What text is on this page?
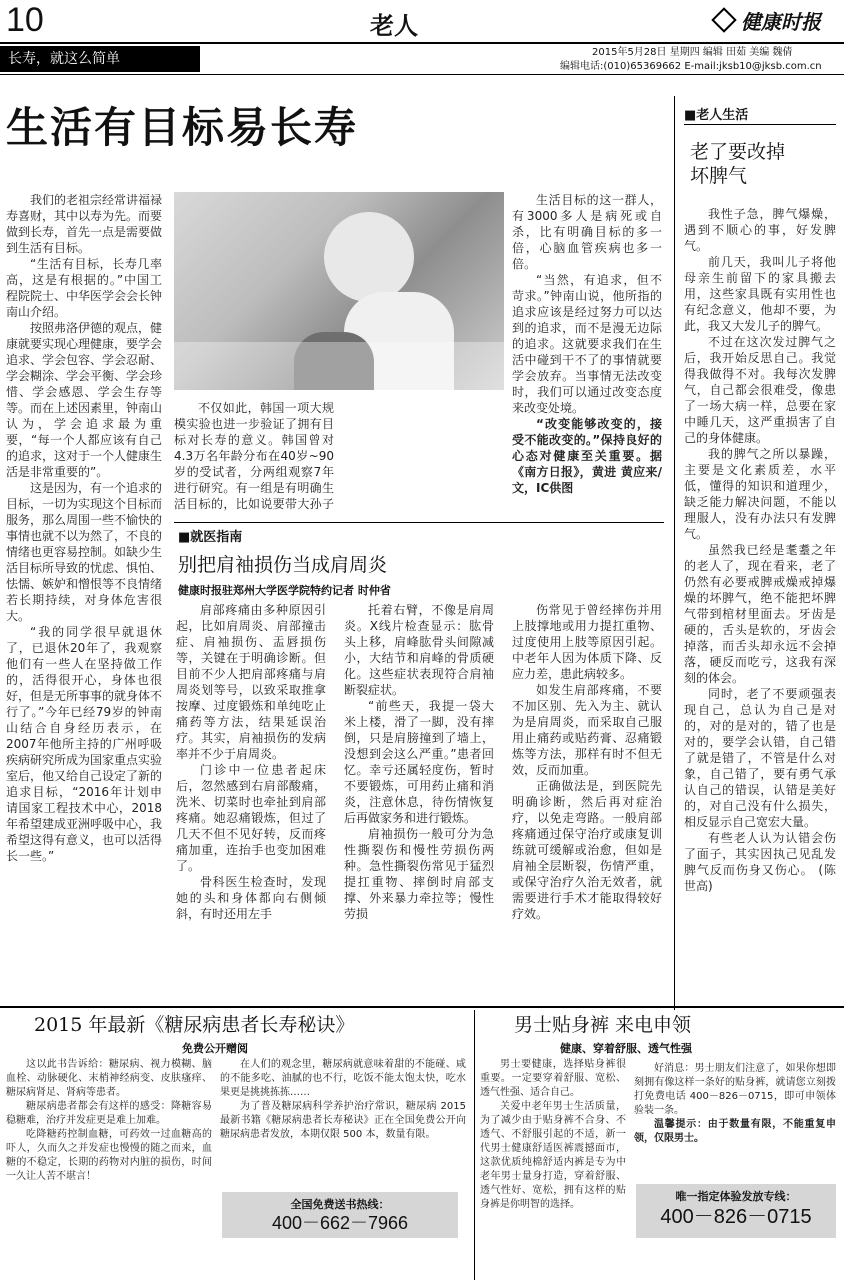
10	老人	健康时报
长寿，就这么简单	2015年5月28日 星期四 编辑 田茹 美编 魏倩
编辑电话:(010)65369662 E-mail:jksb10@jksb.com.cn
生活有目标易长寿

我们的老祖宗经常讲福禄寿喜财，其中以寿为先。而要做到长寿，首先一点是需要做到生活有目标。

“生活有目标，长寿几率高，这是有根据的。”中国工程院院士、中华医学会会长钟南山介绍。

按照弗洛伊德的观点，健康就要实现心理健康，要学会追求、学会包容、学会忍耐、学会糊涂、学会平衡、学会珍惜、学会感恩、学会生存等等。而在上述因素里，钟南山认为，学会追求最为重要，“每一个人都应该有自己的追求，这对于一个人健康生活是非常重要的”。

这是因为，有一个追求的目标，一切为实现这个目标而服务，那么周围一些不愉快的事情也就不以为然了，不良的情绪也更容易控制。如缺少生活目标所导致的忧虑、惧怕、怯懦、嫉妒和憎恨等不良情绪若长期持续，对身体危害很大。

“我的同学很早就退休了，已退休20年了，我观察他们有一些人在坚持做工作的，活得很开心，身体也很好，但是无所事事的就身体不行了。”今年已经79岁的钟南山结合自身经历表示，在2007年他所主持的广州呼吸疾病研究所成为国家重点实验室后，他又给自己设定了新的追求目标，“2016年计划申请国家工程技术中心，2018年希望建成亚洲呼吸中心，我希望这得有意义，也可以活得长一些。”

不仅如此，韩国一项大规模实验也进一步验证了拥有目标对长寿的意义。韩国曾对4.3万名年龄分布在40岁~90岁的受试者，分两组观察7年进行研究。有一组是有明确生活目标的，比如说要带大孙子

生活目标的这一群人，有3000多人是病死或自杀，比有明确目标的多一倍，心脑血管疾病也多一倍。

“当然，有追求，但不苛求。”钟南山说，他所指的追求应该是经过努力可以达到的追求，而不是漫无边际的追求。这就要求我们在生活中碰到干不了的事情就要学会放弃。当事情无法改变时，我们可以通过改变态度来改变处境。

“改变能够改变的，接受不能改变的。”保持良好的心态对健康至关重要。据《南方日报》，黄进 黄应来/文，IC供图

■老人生活
老了要改掉
坏脾气

我性子急，脾气爆燥，遇到不顺心的事，好发脾气。

前几天，我叫儿子将他母亲生前留下的家具搬去用，这些家具既有实用性也有纪念意义，他却不要，为此，我又大发儿子的脾气。

不过在这次发过脾气之后，我开始反思自己。我觉得我做得不对。我每次发脾气，自己都会很难受，像患了一场大病一样，总要在家中睡几天，这严重损害了自己的身体健康。

我的脾气之所以暴躁，主要是文化素质差，水平低，懂得的知识和道理少，缺乏能力解决问题，不能以理服人，没有办法只有发脾气。

虽然我已经是耄耋之年的老人了，现在看来，老了仍然有必要戒脾戒燥戒掉爆燥的坏脾气，绝不能把坏脾气带到棺材里面去。牙齿是硬的，舌头是软的，牙齿会掉落，而舌头却永远不会掉落，硬反而吃亏，这我有深刻的体会。

同时，老了不要顽强表现自己，总认为自己是对的，对的是对的，错了也是对的，要学会认错，自己错了就是错了，不管是什么对象，自己错了，要有勇气承认自己的错误，认错是美好的，对自己没有什么损失，相反显示自己宽宏大量。

有些老人认为认错会伤了面子，其实因执己见乱发脾气反而伤身又伤心。 (陈世高)

■就医指南
别把肩袖损伤当成肩周炎
健康时报驻郑州大学医学院特约记者 时仲省

肩部疼痛由多种原因引起，比如肩周炎、肩部撞击症、肩袖损伤、盂唇损伤等，关键在于明确诊断。但目前不少人把肩部疼痛与肩周炎划等号，以致采取推拿按摩、过度锻炼和单纯吃止痛药等方法，结果延误治疗。其实，肩袖损伤的发病率并不少于肩周炎。

门诊中一位患者起床后，忽然感到右肩部酸痛，洗米、切菜时也牵扯到肩部疼痛。她忍痛锻炼，但过了几天不但不见好转，反而疼痛加重，连抬手也变加困难了。

骨科医生检查时，发现她的头和身体都向右侧倾斜，有时还用左手

托着右臂，不像是肩周炎。X线片检查显示：肱骨头上移，肩峰肱骨头间隙减小，大结节和肩峰的骨质硬化。这些症状表现符合肩袖断裂症状。

“前些天，我提一袋大米上楼，滑了一脚，没有摔倒，只是肩膀撞到了墙上，没想到会这么严重。”患者回忆。幸亏还属轻度伤，暂时不要锻炼，可用药止痛和消炎，注意休息，待伤情恢复后再做家务和进行锻炼。

肩袖损伤一般可分为急性撕裂伤和慢性劳损伤两种。急性撕裂伤常见于猛烈提扛重物、摔倒时肩部支撑、外来暴力牵拉等；慢性劳损

伤常见于曾经摔伤并用上肢撑地或用力提扛重物、过度使用上肢等原因引起。中老年人因为体质下降、反应力差，患此病较多。

如发生肩部疼痛，不要不加区别、先入为主、就认为是肩周炎，而采取自己服用止痛药或贴药膏、忍痛锻炼等方法，那样有时不但无效，反而加重。

正确做法是，到医院先明确诊断，然后再对症治疗，以免走弯路。一般肩部疼痛通过保守治疗或康复训练就可缓解或治愈，但如是肩袖全层断裂，伤情严重，或保守治疗久治无效者，就需要进行手术才能取得较好疗效。

2015 年最新《糖尿病患者长寿秘诀》
免费公开赠阅

这以此书告诉给：糖尿病、视力模糊、脑血栓、动脉硬化、末梢神经病变、皮肤瘙痒、糖尿病肾足、肾病等患者。

糖尿病患者都会有这样的感受：降糖容易稳糖难，治疗并发症更是难上加难。

吃降糖药控制血糖，可药效一过血糖高的吓人，久而久之并发症也慢慢的随之而来，血糖的不稳定，长期的药物对内脏的损伤，时间一久让人苦不堪言！

在人们的观念里，糖尿病就意味着甜的不能碰、咸的不能多吃、油腻的也不行，吃饭不能太饱太快，吃水果更是挑挑拣拣……

为了普及糖尿病科学养护治疗常识，糖尿病 2015 最新书籍《糖尿病患者长寿秘诀》正在全国免费公开向糖尿病患者发放，本期仅限 500 本，数量有限。

全国免费送书热线：
400－662－7966
男士贴身裤 来电申领
健康、穿着舒服、透气性强

男士要健康，选择贴身裤很重要。一定要穿着舒服、宽松、透气性强、适合自己。

关爱中老年男士生活质量，为了减少由于贴身裤不合身、不透气、不舒服引起的不适，新一代男士健康舒适医裤震撼面市，这款优质纯棉舒适内裤是专为中老年男士量身打造，穿着舒服、透气性好、宽松，拥有这样的贴身裤是你明智的选择。

好消息：男士朋友们注意了，如果你想即刻拥有像这样一条好的贴身裤，就请您立刻拨打免费电话 400－826－0715，即可申领体验装一条。

温馨提示：由于数量有限，不能重复申领，仅限男士。

唯一指定体验发放专线：
400－826－0715
